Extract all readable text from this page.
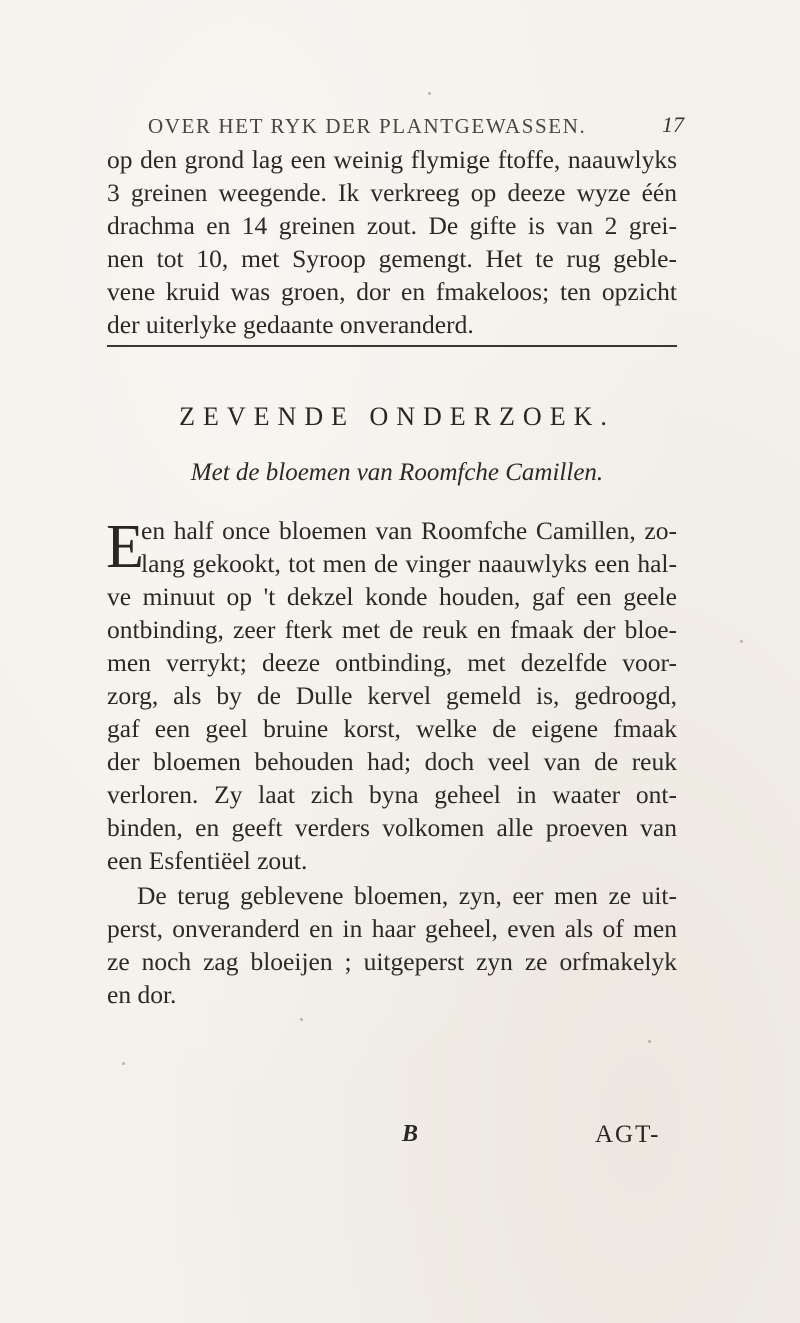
OVER HET RYK DER PLANTGEWASSEN.	17
op den grond lag een weinig flymige ftoffe, naauwlyks
3 greinen weegende. Ik verkreeg op deeze wyze één
drachma en 14 greinen zout. De gifte is van 2 grei-
nen tot 10, met Syroop gemengt. Het te rug geble-
vene kruid was groen, dor en fmakeloos; ten opzicht
der uiterlyke gedaante onveranderd.
ZEVENDE ONDERZOEK.
Met de bloemen van Roomfche Camillen.
E
en half once bloemen van Roomfche Camillen, zo-
lang gekookt, tot men de vinger naauwlyks een hal-
ve minuut op 't dekzel konde houden, gaf een geele
ontbinding, zeer fterk met de reuk en fmaak der bloe-
men verrykt; deeze ontbinding, met dezelfde voor-
zorg, als by de Dulle kervel gemeld is, gedroogd,
gaf een geel bruine korst, welke de eigene fmaak
der bloemen behouden had; doch veel van de reuk
verloren. Zy laat zich byna geheel in waater ont-
binden, en geeft verders volkomen alle proeven van
een Esfentiëel zout.
De terug geblevene bloemen, zyn, eer men ze uit-
perst, onveranderd en in haar geheel, even als of men
ze noch zag bloeijen ; uitgeperst zyn ze orfmakelyk
en dor.
B	AGT-
